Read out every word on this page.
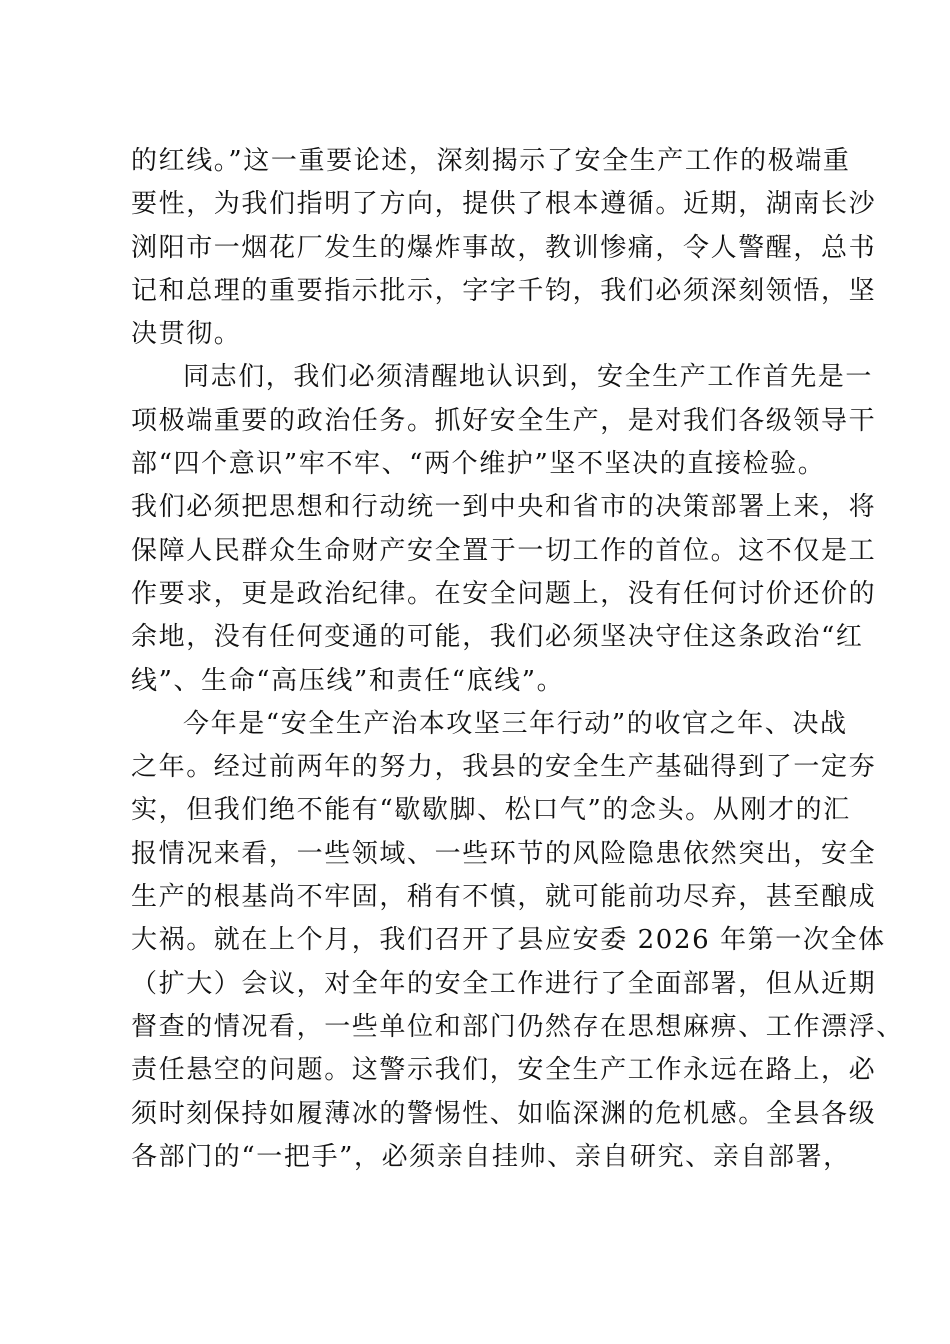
的红线。”这一重要论述，深刻揭示了安全生产工作的极端重
要性，为我们指明了方向，提供了根本遵循。近期，湖南长沙
浏阳市一烟花厂发生的爆炸事故，教训惨痛，令人警醒，总书
记和总理的重要指示批示，字字千钧，我们必须深刻领悟，坚
决贯彻。
同志们，我们必须清醒地认识到，安全生产工作首先是一
项极端重要的政治任务。抓好安全生产，是对我们各级领导干
部“四个意识”牢不牢、“两个维护”坚不坚决的直接检验。
我们必须把思想和行动统一到中央和省市的决策部署上来，将
保障人民群众生命财产安全置于一切工作的首位。这不仅是工
作要求，更是政治纪律。在安全问题上，没有任何讨价还价的
余地，没有任何变通的可能，我们必须坚决守住这条政治“红
线”、生命“高压线”和责任“底线”。
今年是“安全生产治本攻坚三年行动”的收官之年、决战
之年。经过前两年的努力，我县的安全生产基础得到了一定夯
实，但我们绝不能有“歇歇脚、松口气”的念头。从刚才的汇
报情况来看，一些领域、一些环节的风险隐患依然突出，安全
生产的根基尚不牢固，稍有不慎，就可能前功尽弃，甚至酿成
大祸。就在上个月，我们召开了县应安委 2026 年第一次全体
（扩大）会议，对全年的安全工作进行了全面部署，但从近期
督查的情况看，一些单位和部门仍然存在思想麻痹、工作漂浮、
责任悬空的问题。这警示我们，安全生产工作永远在路上，必
须时刻保持如履薄冰的警惕性、如临深渊的危机感。全县各级
各部门的“一把手”，必须亲自挂帅、亲自研究、亲自部署，
